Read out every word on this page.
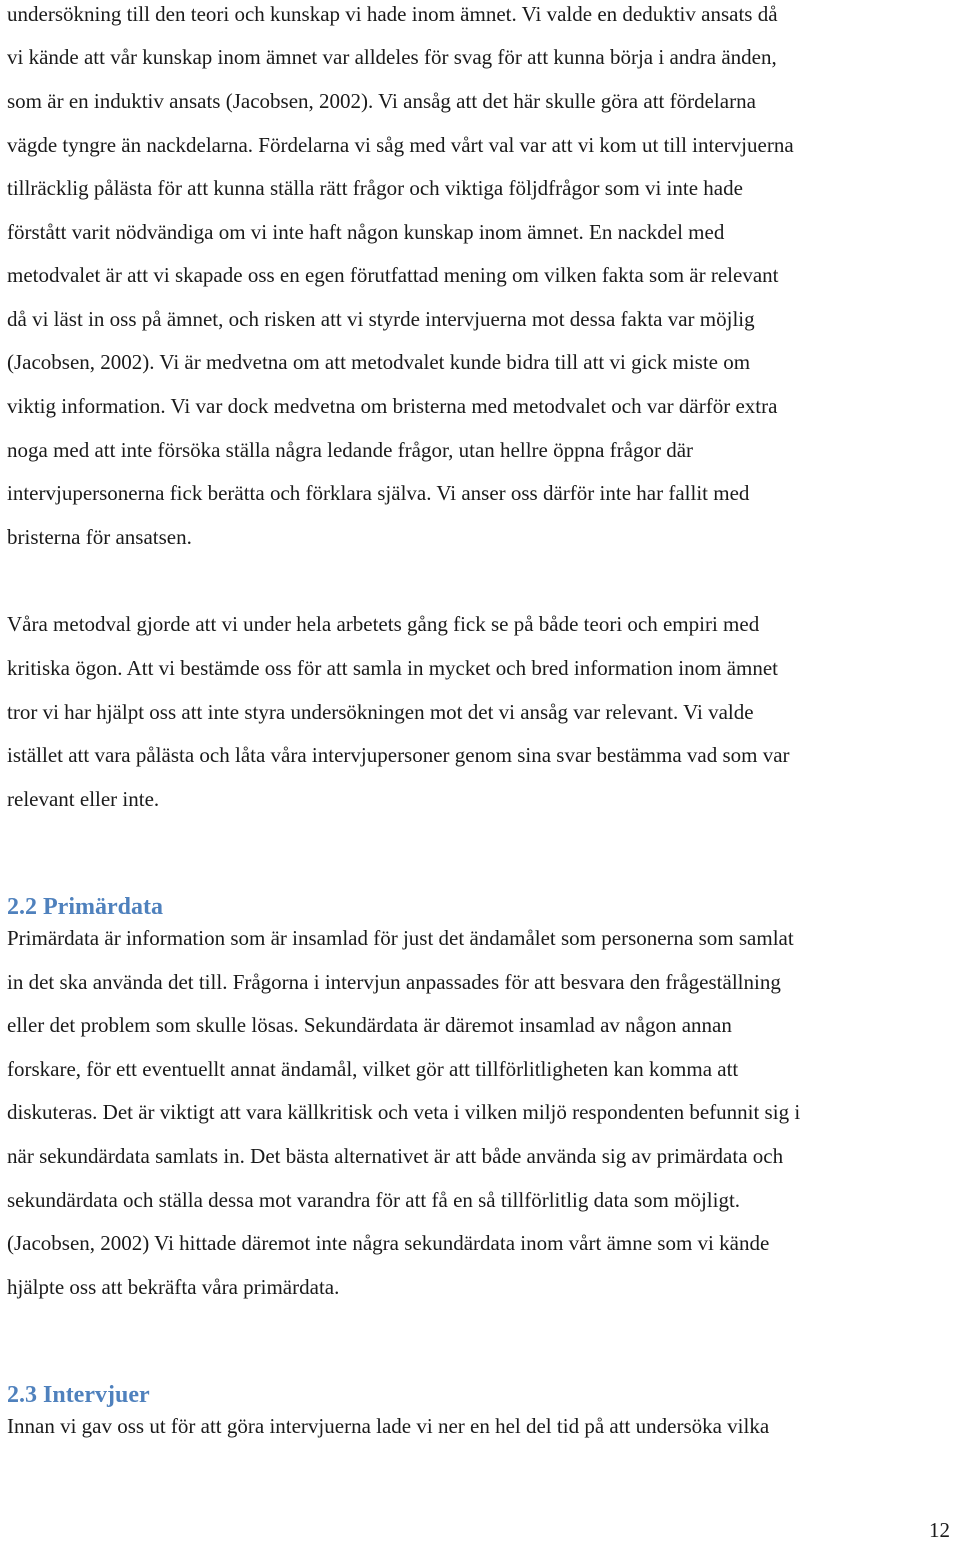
undersökning till den teori och kunskap vi hade inom ämnet. Vi valde en deduktiv ansats då
vi kände att vår kunskap inom ämnet var alldeles för svag för att kunna börja i andra änden,
som är en induktiv ansats (Jacobsen, 2002). Vi ansåg att det här skulle göra att fördelarna
vägde tyngre än nackdelarna. Fördelarna vi såg med vårt val var att vi kom ut till intervjuerna
tillräcklig pålästa för att kunna ställa rätt frågor och viktiga följdfrågor som vi inte hade
förstått varit nödvändiga om vi inte haft någon kunskap inom ämnet. En nackdel med
metodvalet är att vi skapade oss en egen förutfattad mening om vilken fakta som är relevant
då vi läst in oss på ämnet, och risken att vi styrde intervjuerna mot dessa fakta var möjlig
(Jacobsen, 2002). Vi är medvetna om att metodvalet kunde bidra till att vi gick miste om
viktig information. Vi var dock medvetna om bristerna med metodvalet och var därför extra
noga med att inte försöka ställa några ledande frågor, utan hellre öppna frågor där
intervjupersonerna fick berätta och förklara själva. Vi anser oss därför inte har fallit med
bristerna för ansatsen.
Våra metodval gjorde att vi under hela arbetets gång fick se på både teori och empiri med
kritiska ögon. Att vi bestämde oss för att samla in mycket och bred information inom ämnet
tror vi har hjälpt oss att inte styra undersökningen mot det vi ansåg var relevant. Vi valde
istället att vara pålästa och låta våra intervjupersoner genom sina svar bestämma vad som var
relevant eller inte.
2.2 Primärdata
Primärdata är information som är insamlad för just det ändamålet som personerna som samlat
in det ska använda det till. Frågorna i intervjun anpassades för att besvara den frågeställning
eller det problem som skulle lösas. Sekundärdata är däremot insamlad av någon annan
forskare, för ett eventuellt annat ändamål, vilket gör att tillförlitligheten kan komma att
diskuteras. Det är viktigt att vara källkritisk och veta i vilken miljö respondenten befunnit sig i
när sekundärdata samlats in. Det bästa alternativet är att både använda sig av primärdata och
sekundärdata och ställa dessa mot varandra för att få en så tillförlitlig data som möjligt.
(Jacobsen, 2002) Vi hittade däremot inte några sekundärdata inom vårt ämne som vi kände
hjälpte oss att bekräfta våra primärdata.
2.3 Intervjuer
Innan vi gav oss ut för att göra intervjuerna lade vi ner en hel del tid på att undersöka vilka
12
